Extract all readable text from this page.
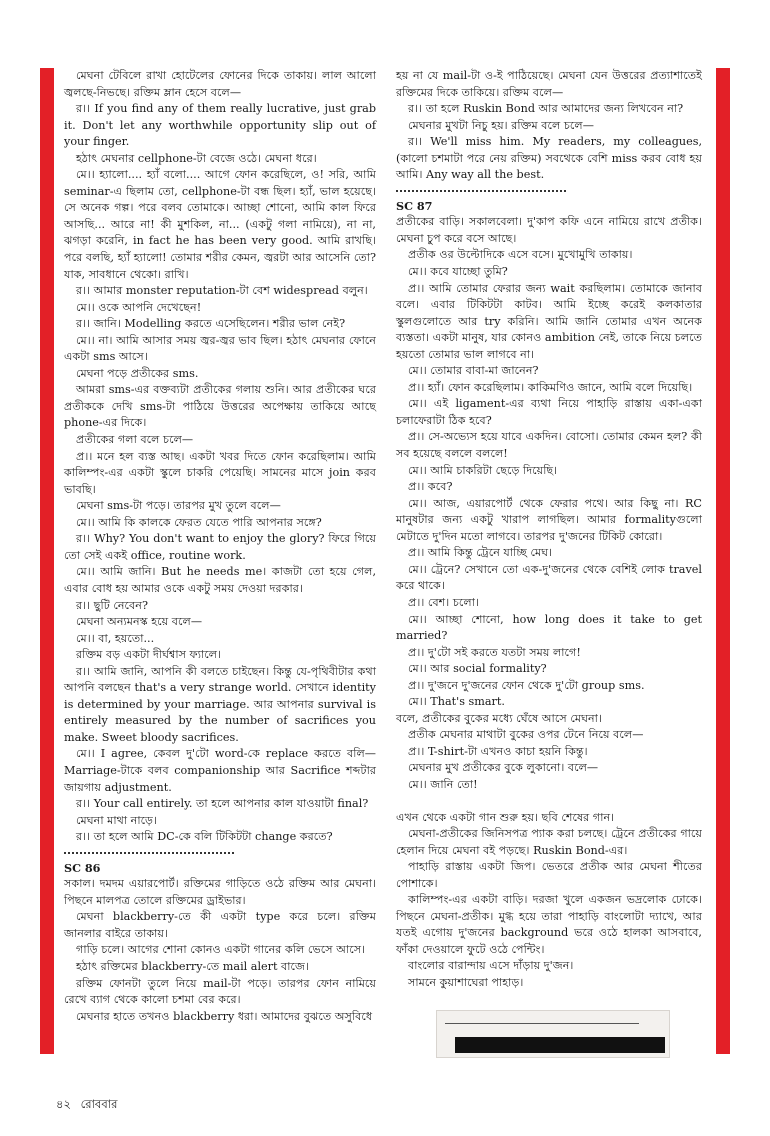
মেঘনা টেবিলে রাখা হোটেলের ফোনের দিকে তাকায়। লাল আলো জ্বলছে-নিভছে। রক্তিম ম্লান হেসে বলে—
র।। If you find any of them really lucrative, just grab it. Don't let any worthwhile opportunity slip out of your finger.
হঠাৎ মেঘনার cellphone-টা বেজে ওঠে। মেঘনা ধরে।
মে।। হ্যালো.... হ্যাঁ বলো.... আগে ফোন করেছিলে, ও! সরি, আমি seminar-এ ছিলাম তো, cellphone-টা বন্ধ ছিল। হ্যাঁ, ভাল হয়েছে। সে অনেক গল্প। পরে বলব তোমাকে। আচ্ছা শোনো, আমি কাল ফিরে আসছি... আরে না! কী মুশকিল, না... (একটু গলা নামিয়ে), না না, ঝগড়া করেনি, in fact he has been very good. আমি রাখছি। পরে বলছি, হ্যাঁ হ্যালো! তোমার শরীর কেমন, জ্বরটা আর আসেনি তো? যাক, সাবধানে থেকো। রাখি।
র।। আমার monster reputation-টা বেশ widespread বলুন।
মে।। ওকে আপনি দেখেছেন!
র।। জানি। Modelling করতে এসেছিলেন। শরীর ভাল নেই?
মে।। না। আমি আসার সময় জ্বর-জ্বর ভাব ছিল। হঠাৎ মেঘনার ফোনে একটা sms আসে।
মেঘনা পড়ে প্রতীকের sms.
আমরা sms-এর বক্তব্যটা প্রতীকের গলায় শুনি। আর প্রতীকের ঘরে প্রতীককে দেখি sms-টা পাঠিয়ে উত্তরের অপেক্ষায় তাকিয়ে আছে phone-এর দিকে।
প্রতীকের গলা বলে চলে—
প্র।। মনে হল ব্যস্ত আছ। একটা খবর দিতে ফোন করেছিলাম। আমি কালিম্পং-এর একটা স্কুলে চাকরি পেয়েছি। সামনের মাসে join করব ভাবছি।
মেঘনা sms-টা পড়ে। তারপর মুখ তুলে বলে—
মে।। আমি কি কালকে ফেরত যেতে পারি আপনার সঙ্গে?
র।। Why? You don't want to enjoy the glory? ফিরে গিয়ে তো সেই একই office, routine work.
মে।। আমি জানি। But he needs me। কাজটা তো হয়ে গেল, এবার বোধ হয় আমার ওকে একটু সময় দেওয়া দরকার।
র।। ছুটি নেবেন?
মেঘনা অন্যমনস্ক হয়ে বলে—
মে।। বা, হয়তো...
রক্তিম বড় একটা দীর্ঘশ্বাস ফ্যালে।
র।। আমি জানি, আপনি কী বলতে চাইছেন। কিন্তু যে-পৃথিবীটার কথা আপনি বলছেন that's a very strange world. সেখানে identity is determined by your marriage. আর আপনার survival is entirely measured by the number of sacrifices you make. Sweet bloody sacrifices.
মে।। I agree, কেবল দু'টো word-কে replace করতে বলি—Marriage-টাকে বলব companionship আর Sacrifice শব্দটার জায়গায় adjustment.
র।। Your call entirely. তা হলে আপনার কাল যাওয়াটা final?
মেঘনা মাথা নাড়ে।
র।। তা হলে আমি DC-কে বলি টিকিটটা change করতে?
SC 86
সকাল। দমদম এয়ারপোর্ট। রক্তিমের গাড়িতে ওঠে রক্তিম আর মেঘনা। পিছনে মালপত্র তোলে রক্তিমের ড্রাইভার।
মেঘনা blackberry-তে কী একটা type করে চলে। রক্তিম জানলার বাইরে তাকায়।
গাড়ি চলে। আগের শোনা কোনও একটা গানের কলি ভেসে আসে।
হঠাৎ রক্তিমের blackberry-তে mail alert বাজে।
রক্তিম ফোনটা তুলে নিয়ে mail-টা পড়ে। তারপর ফোন নামিয়ে রেখে ব্যাগ থেকে কালো চশমা বের করে।
মেঘনার হাতে তখনও blackberry ধরা। আমাদের বুঝতে অসুবিধে
হয় না যে mail-টা ও-ই পাঠিয়েছে। মেঘনা যেন উত্তরের প্রত্যাশাতেই রক্তিমের দিকে তাকিয়ে। রক্তিম বলে—
র।। তা হলে Ruskin Bond আর আমাদের জন্য লিখবেন না?
মেঘনার মুখটা নিচু হয়। রক্তিম বলে চলে—
র।। We'll miss him. My readers, my colleagues, (কালো চশমাটা পরে নেয় রক্তিম) সবথেকে বেশি miss করব বোধ হয় আমি। Any way all the best.
SC 87
প্রতীকের বাড়ি। সকালবেলা। দু'কাপ কফি এনে নামিয়ে রাখে প্রতীক। মেঘনা চুপ করে বসে আছে।
প্রতীক ওর উল্টোদিকে এসে বসে। মুখোমুখি তাকায়।
মে।। কবে যাচ্ছো তুমি?
প্র।। আমি তোমার ফেরার জন্য wait করছিলাম। তোমাকে জানাব বলে। এবার টিকিটটা কাটব। আমি ইচ্ছে করেই কলকাতার স্কুলগুলোতে আর try করিনি। আমি জানি তোমার এখন অনেক ব্যস্ততা। একটা মানুষ, যার কোনও ambition নেই, তাকে নিয়ে চলতে হয়তো তোমার ভাল লাগবে না।
মে।। তোমার বাবা-মা জানেন?
প্র।। হ্যাঁ। ফোন করেছিলাম। কাকিমণিও জানে, আমি বলে দিয়েছি।
মে।। এই ligament-এর ব্যথা নিয়ে পাহাড়ি রাস্তায় একা-একা চলাফেরাটা ঠিক হবে?
প্র।। সে-অভ্যেস হয়ে যাবে একদিন। বোসো। তোমার কেমন হল? কী সব হয়েছে বললে বললে!
মে।। আমি চাকরিটা ছেড়ে দিয়েছি।
প্র।। কবে?
মে।। আজ, এয়ারপোর্ট থেকে ফেরার পথে। আর কিছু না। RC মানুষটার জন্য একটু খারাপ লাগছিল। আমার formalityগুলো মেটাতে দু'দিন মতো লাগবে। তারপর দু'জনের টিকিট কোরো।
প্র।। আমি কিন্তু ট্রেনে যাচ্ছি মেঘ।
মে।। ট্রেনে? সেখানে তো এক-দু'জনের থেকে বেশিই লোক travel করে থাকে।
প্র।। বেশ। চলো।
মে।। আচ্ছা শোনো, how long does it take to get married?
প্র।। দু'টো সই করতে যতটা সময় লাগে!
মে।। আর social formality?
প্র।। দু'জনে দু'জনের ফোন থেকে দু'টো group sms.
মে।। That's smart.
বলে, প্রতীকের বুকের মধ্যে ঘেঁষে আসে মেঘনা।
প্রতীক মেঘনার মাথাটা বুকের ওপর টেনে নিয়ে বলে—
প্র।। T-shirt-টা এখনও কাচা হয়নি কিন্তু।
মেঘনার মুখ প্রতীকের বুকে লুকানো। বলে—
মে।। জানি তো!
এখন থেকে একটা গান শুরু হয়। ছবি শেষের গান।
মেঘনা-প্রতীকের জিনিসপত্র প্যাক করা চলছে। ট্রেনে প্রতীকের গায়ে হেলান দিয়ে মেঘনা বই পড়ছে। Ruskin Bond-এর।
পাহাড়ি রাস্তায় একটা জিপ। ভেতরে প্রতীক আর মেঘনা শীতের পোশাকে।
কালিম্পং-এর একটা বাড়ি। দরজা খুলে একজন ভদ্রলোক ঢোকে। পিছনে মেঘনা-প্রতীক। মুগ্ধ হয়ে তারা পাহাড়ি বাংলোটা দ্যাখে, আর যতই এগোয় দু'জনের background ভরে ওঠে হালকা আসবাবে, ফাঁকা দেওয়ালে ফুটে ওঠে পেন্টিং।
বাংলোর বারান্দায় এসে দাঁড়ায় দু'জন।
সামনে কুয়াশাঘেরা পাহাড়।
৪২ রোববার
